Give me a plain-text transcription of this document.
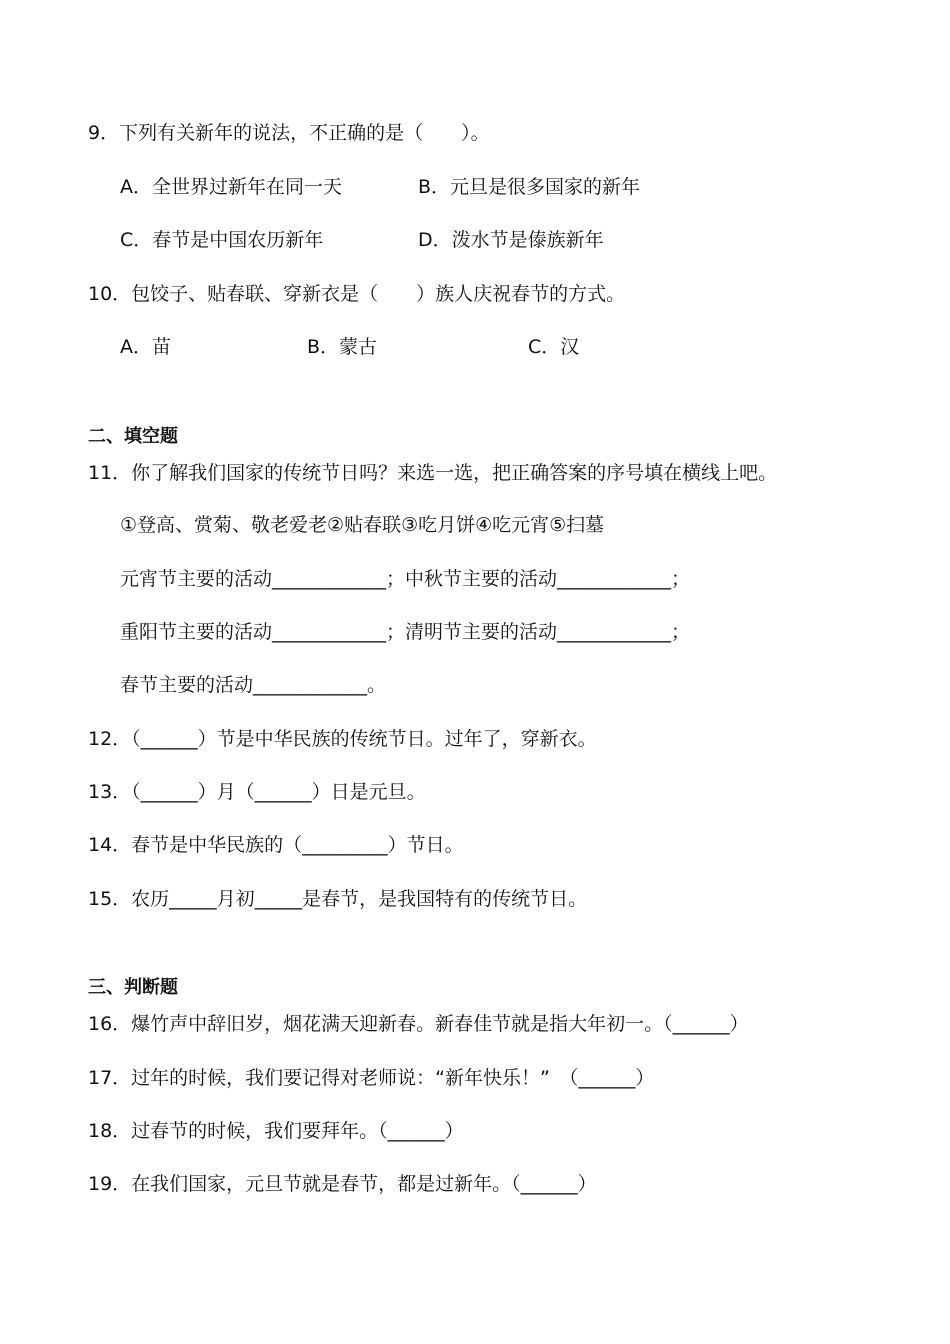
9．下列有关新年的说法，不正确的是（　　）。
A．全世界过新年在同一天	B．元旦是很多国家的新年
C．春节是中国农历新年	D．泼水节是傣族新年
10．包饺子、贴春联、穿新衣是（　　）族人庆祝春节的方式。
A．苗	B．蒙古	C．汉
二、填空题
11．你了解我们国家的传统节日吗？来选一选，把正确答案的序号填在横线上吧。
①登高、赏菊、敬老爱老②贴春联③吃月饼④吃元宵⑤扫墓
元宵节主要的活动____________；中秋节主要的活动____________；
重阳节主要的活动____________；清明节主要的活动____________；
春节主要的活动____________。
12．（______）节是中华民族的传统节日。过年了，穿新衣。
13．（______）月（______）日是元旦。
14．春节是中华民族的（_________）节日。
15．农历_____月初_____是春节，是我国特有的传统节日。
三、判断题
16．爆竹声中辞旧岁，烟花满天迎新春。新春佳节就是指大年初一。（______）
17．过年的时候，我们要记得对老师说：“新年快乐！”　（______）
18．过春节的时候，我们要拜年。（______）
19．在我们国家，元旦节就是春节，都是过新年。（______）
